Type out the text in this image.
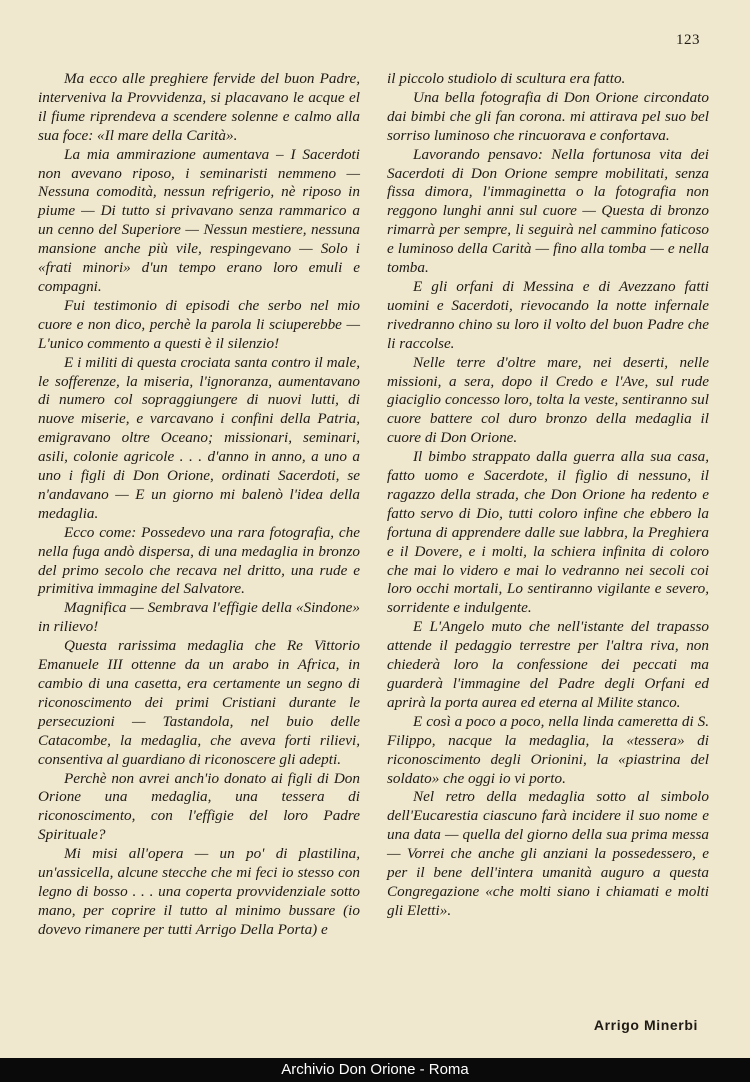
123

Ma ecco alle preghiere fervide del buon Padre, interveniva la Provvidenza, si placavano le acque el il fiume riprendeva a scendere solenne e calmo alla sua foce: «Il mare della Carità».

La mia ammirazione aumentava – I Sacerdoti non avevano riposo, i seminaristi nemmeno — Nessuna comodità, nessun refrigerio, nè riposo in piume — Di tutto si privavano senza rammarico a un cenno del Superiore — Nessun mestiere, nessuna mansione anche più vile, respingevano — Solo i «frati minori» d'un tempo erano loro emuli e compagni.

Fui testimonio di episodi che serbo nel mio cuore e non dico, perchè la parola li sciuperebbe — L'unico commento a questi è il silenzio!

E i militi di questa crociata santa contro il male, le sofferenze, la miseria, l'ignoranza, aumentavano di numero col sopraggiungere di nuovi lutti, di nuove miserie, e varcavano i confini della Patria, emigravano oltre Oceano; missionari, seminari, asili, colonie agricole . . . d'anno in anno, a uno a uno i figli di Don Orione, ordinati Sacerdoti, se n'andavano — E un giorno mi balenò l'idea della medaglia.

Ecco come: Possedevo una rara fotografia, che nella fuga andò dispersa, di una medaglia in bronzo del primo secolo che recava nel dritto, una rude e primitiva immagine del Salvatore.

Magnifica — Sembrava l'effigie della «Sindone» in rilievo!

Questa rarissima medaglia che Re Vittorio Emanuele III ottenne da un arabo in Africa, in cambio di una casetta, era certamente un segno di riconoscimento dei primi Cristiani durante le persecuzioni — Tastandola, nel buio delle Catacombe, la medaglia, che aveva forti rilievi, consentiva al guardiano di riconoscere gli adepti.

Perchè non avrei anch'io donato ai figli di Don Orione una medaglia, una tessera di riconoscimento, con l'effigie del loro Padre Spirituale?

Mi misi all'opera — un po' di plastilina, un'assicella, alcune stecche che mi feci io stesso con legno di bosso . . . una coperta provvidenziale sotto mano, per coprire il tutto al minimo bussare (io dovevo rimanere per tutti Arrigo Della Porta) e

il piccolo studiolo di scultura era fatto.

Una bella fotografia di Don Orione circondato dai bimbi che gli fan corona. mi attirava pel suo bel sorriso luminoso che rincuorava e confortava.

Lavorando pensavo: Nella fortunosa vita dei Sacerdoti di Don Orione sempre mobilitati, senza fissa dimora, l'immaginetta o la fotografia non reggono lunghi anni sul cuore — Questa di bronzo rimarrà per sempre, li seguirà nel cammino faticoso e luminoso della Carità — fino alla tomba — e nella tomba.

E gli orfani di Messina e di Avezzano fatti uomini e Sacerdoti, rievocando la notte infernale rivedranno chino su loro il volto del buon Padre che li raccolse.

Nelle terre d'oltre mare, nei deserti, nelle missioni, a sera, dopo il Credo e l'Ave, sul rude giaciglio concesso loro, tolta la veste, sentiranno sul cuore battere col duro bronzo della medaglia il cuore di Don Orione.

Il bimbo strappato dalla guerra alla sua casa, fatto uomo e Sacerdote, il figlio di nessuno, il ragazzo della strada, che Don Orione ha redento e fatto servo di Dio, tutti coloro infine che ebbero la fortuna di apprendere dalle sue labbra, la Preghiera e il Dovere, e i molti, la schiera infinita di coloro che mai lo videro e mai lo vedranno nei secoli coi loro occhi mortali, Lo sentiranno vigilante e severo, sorridente e indulgente.

E L'Angelo muto che nell'istante del trapasso attende il pedaggio terrestre per l'altra riva, non chiederà loro la confessione dei peccati ma guarderà l'immagine del Padre degli Orfani ed aprirà la porta aurea ed eterna al Milite stanco.

E così a poco a poco, nella linda cameretta di S. Filippo, nacque la medaglia, la «tessera» di riconoscimento degli Orionini, la «piastrina del soldato» che oggi io vi porto.

Nel retro della medaglia sotto al simbolo dell'Eucarestia ciascuno farà incidere il suo nome e una data — quella del giorno della sua prima messa — Vorrei che anche gli anziani la possedessero, e per il bene dell'intera umanità auguro a questa Congregazione «che molti siano i chiamati e molti gli Eletti».

Arrigo Minerbi
Archivio Don Orione - Roma
